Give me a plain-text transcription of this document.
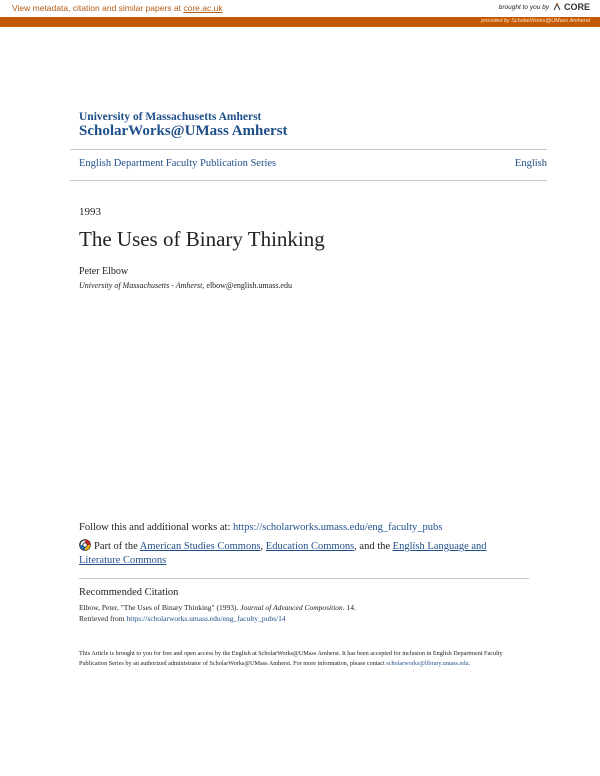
View metadata, citation and similar papers at core.ac.uk	brought to you by CORE
provided by ScholarWorks@UMass Amherst
University of Massachusetts Amherst
ScholarWorks@UMass Amherst
English Department Faculty Publication Series	English
1993
The Uses of Binary Thinking
Peter Elbow
University of Massachusetts - Amherst, elbow@english.umass.edu
Follow this and additional works at: https://scholarworks.umass.edu/eng_faculty_pubs
Part of the American Studies Commons, Education Commons, and the English Language and Literature Commons
Recommended Citation
Elbow, Peter, "The Uses of Binary Thinking" (1993). Journal of Advanced Composition. 14.
Retrieved from https://scholarworks.umass.edu/eng_faculty_pubs/14
This Article is brought to you for free and open access by the English at ScholarWorks@UMass Amherst. It has been accepted for inclusion in English Department Faculty Publication Series by an authorized administrator of ScholarWorks@UMass Amherst. For more information, please contact scholarworks@library.umass.edu.
